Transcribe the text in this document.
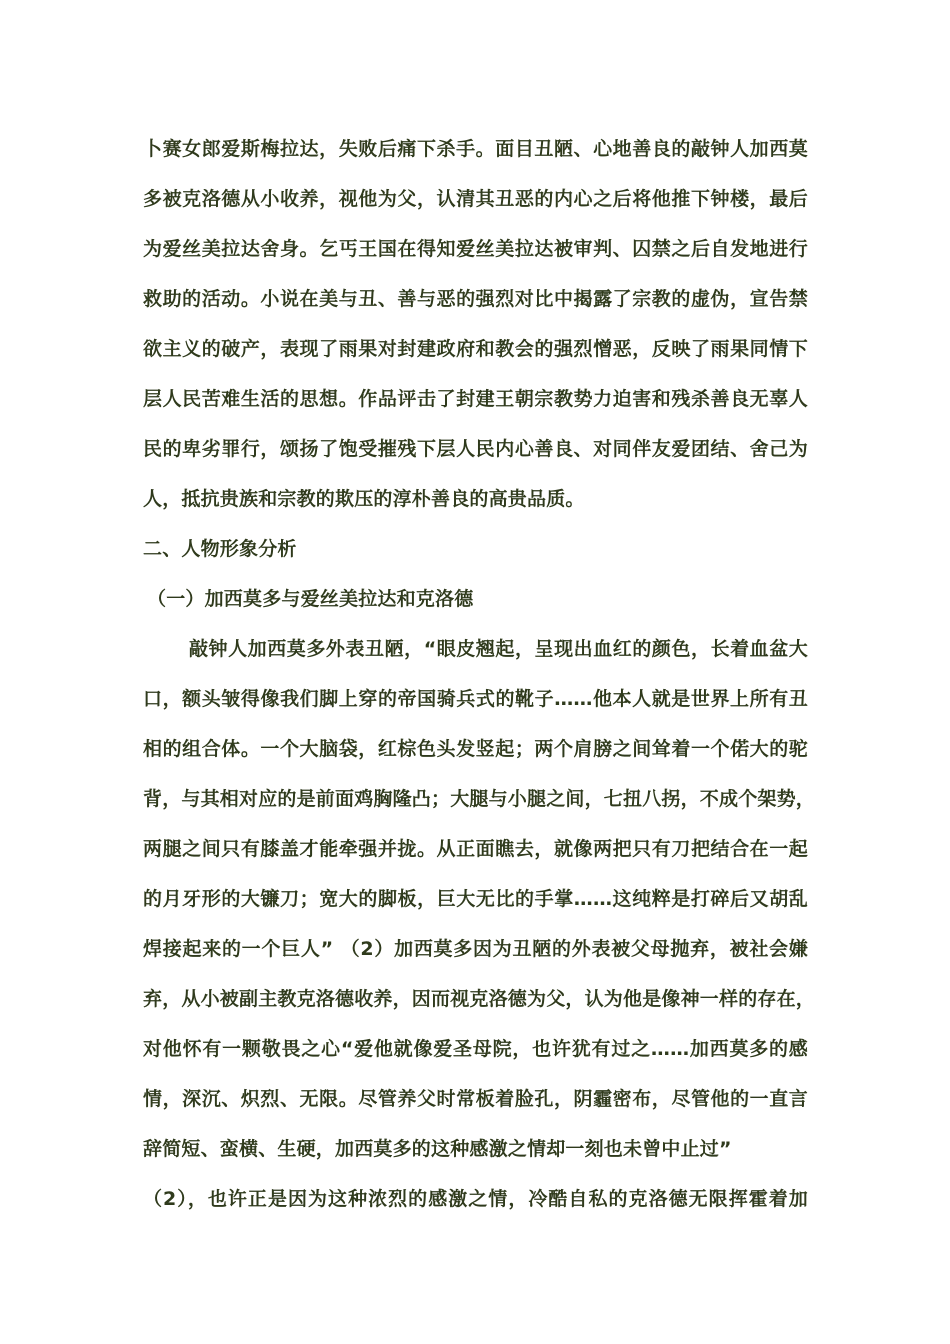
卜赛女郎爱斯梅拉达，失败后痛下杀手。面目丑陋、心地善良的敲钟人加西莫
多被克洛德从小收养，视他为父，认清其丑恶的内心之后将他推下钟楼，最后
为爱丝美拉达舍身。乞丐王国在得知爱丝美拉达被审判、囚禁之后自发地进行
救助的活动。小说在美与丑、善与恶的强烈对比中揭露了宗教的虚伪，宣告禁
欲主义的破产，表现了雨果对封建政府和教会的强烈憎恶，反映了雨果同情下
层人民苦难生活的思想。作品评击了封建王朝宗教势力迫害和残杀善良无辜人
民的卑劣罪行，颂扬了饱受摧残下层人民内心善良、对同伴友爱团结、舍己为
人，抵抗贵族和宗教的欺压的淳朴善良的高贵品质。
二、人物形象分析
（一）加西莫多与爱丝美拉达和克洛德
敲钟人加西莫多外表丑陋，“眼皮翘起，呈现出血红的颜色，长着血盆大
口，额头皱得像我们脚上穿的帝国骑兵式的靴子……他本人就是世界上所有丑
相的组合体。一个大脑袋，红棕色头发竖起；两个肩膀之间耸着一个偌大的驼
背，与其相对应的是前面鸡胸隆凸；大腿与小腿之间，七扭八拐，不成个架势，
两腿之间只有膝盖才能牵强并拢。从正面瞧去，就像两把只有刀把结合在一起
的月牙形的大镰刀；宽大的脚板，巨大无比的手掌……这纯粹是打碎后又胡乱
焊接起来的一个巨人” （2）加西莫多因为丑陋的外表被父母抛弃，被社会嫌
弃，从小被副主教克洛德收养，因而视克洛德为父，认为他是像神一样的存在，
对他怀有一颗敬畏之心“爱他就像爱圣母院，也许犹有过之……加西莫多的感
情，深沉、炽烈、无限。尽管养父时常板着脸孔，阴霾密布，尽管他的一直言
辞简短、蛮横、生硬，加西莫多的这种感激之情却一刻也未曾中止过”
（2），也许正是因为这种浓烈的感激之情，冷酷自私的克洛德无限挥霍着加
